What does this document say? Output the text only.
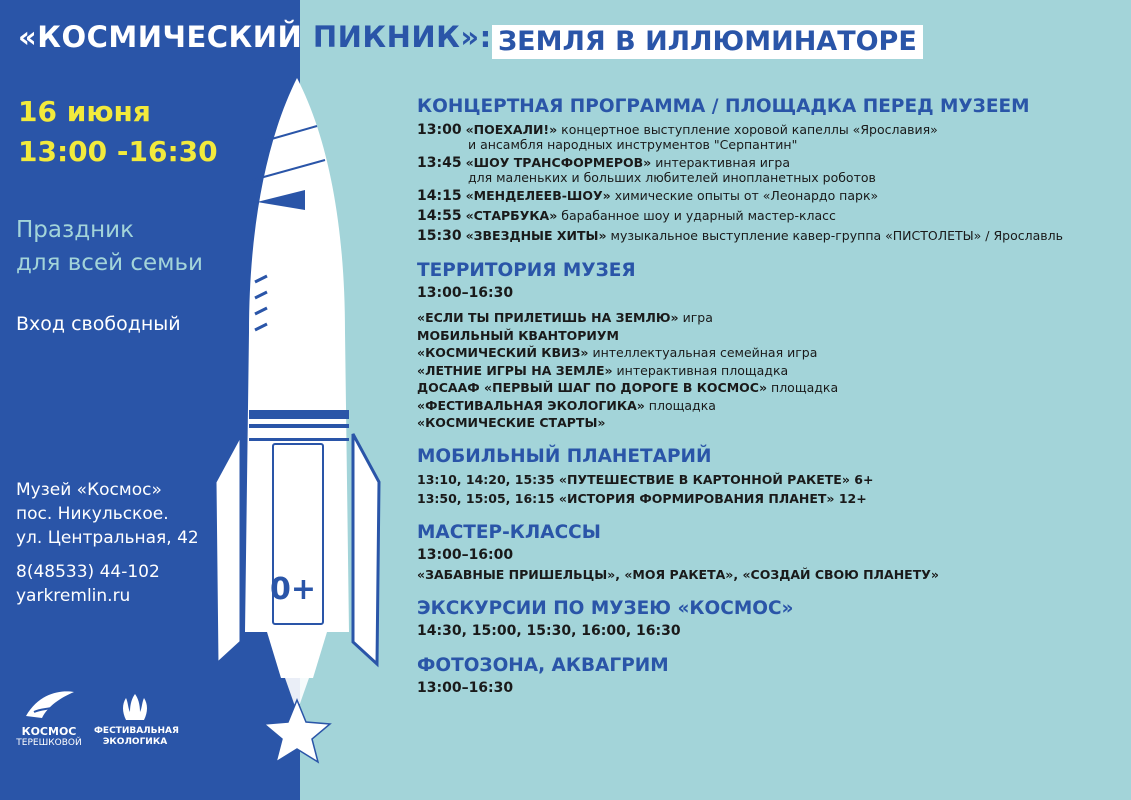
«КОСМИЧЕСКИЙ ПИКНИК»: ЗЕМЛЯ В ИЛЛЮМИНАТОРЕ
0+
16 июня
13:00 -16:30
Праздник
для всей семьи
Вход свободный
Музей «Космос»
пос. Никульское.
ул. Центральная, 42
8(48533) 44-102
yarkremlin.ru
КОСМОС
ТЕРЕШКОВОЙ
ФЕСТИВАЛЬНАЯ
ЭКОЛОГИКА
КОНЦЕРТНАЯ ПРОГРАММА / ПЛОЩАДКА ПЕРЕД МУЗЕЕМ
13:00 «ПОЕХАЛИ!» концертное выступление хоровой капеллы «Ярославия»
и ансамбля народных инструментов "Серпантин"
13:45 «ШОУ ТРАНСФОРМЕРОВ» интерактивная игра
для маленьких и больших любителей инопланетных роботов
14:15 «МЕНДЕЛЕЕВ-ШОУ» химические опыты от «Леонардо парк»
14:55 «СТАРБУКА» барабанное шоу и ударный мастер-класс
15:30 «ЗВЕЗДНЫЕ ХИТЫ» музыкальное выступление кавер-группа «ПИСТОЛЕТЫ» / Ярославль
ТЕРРИТОРИЯ МУЗЕЯ
13:00–16:30
«ЕСЛИ ТЫ ПРИЛЕТИШЬ НА ЗЕМЛЮ» игра
МОБИЛЬНЫЙ КВАНТОРИУМ
«КОСМИЧЕСКИЙ КВИЗ» интеллектуальная семейная игра
«ЛЕТНИЕ ИГРЫ НА ЗЕМЛЕ» интерактивная площадка
ДОСААФ «ПЕРВЫЙ ШАГ ПО ДОРОГЕ В КОСМОС» площадка
«ФЕСТИВАЛЬНАЯ ЭКОЛОГИКА» площадка
«КОСМИЧЕСКИЕ СТАРТЫ»
МОБИЛЬНЫЙ ПЛАНЕТАРИЙ
13:10, 14:20, 15:35 «ПУТЕШЕСТВИЕ В КАРТОННОЙ РАКЕТЕ» 6+
13:50, 15:05, 16:15 «ИСТОРИЯ ФОРМИРОВАНИЯ ПЛАНЕТ» 12+
МАСТЕР-КЛАССЫ
13:00–16:00
«ЗАБАВНЫЕ ПРИШЕЛЬЦЫ», «МОЯ РАКЕТА», «СОЗДАЙ СВОЮ ПЛАНЕТУ»
ЭКСКУРСИИ ПО МУЗЕЮ «КОСМОС»
14:30, 15:00, 15:30, 16:00, 16:30
ФОТОЗОНА, АКВАГРИМ
13:00–16:30
